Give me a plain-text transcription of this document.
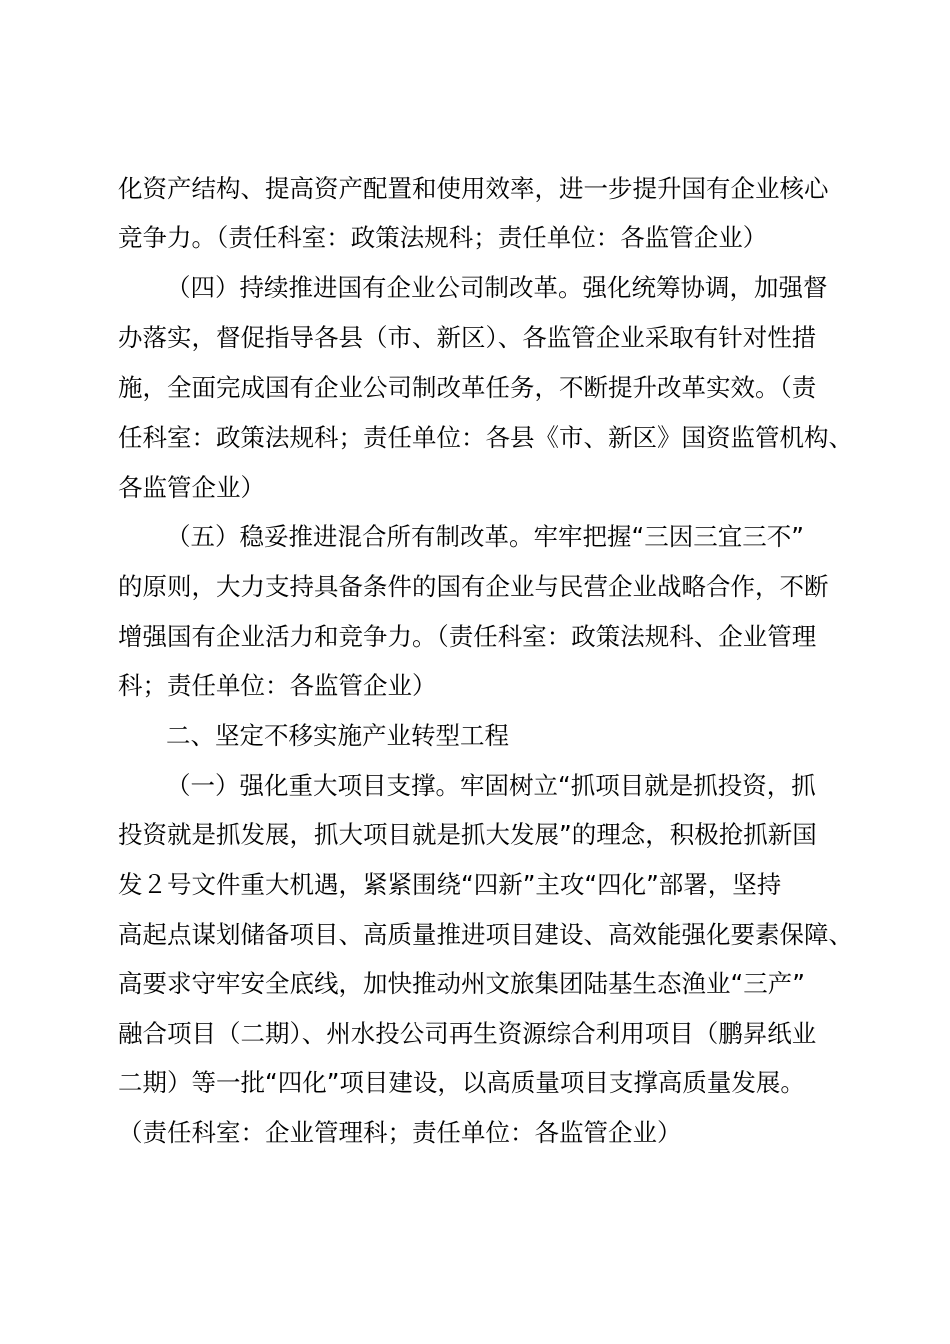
化资产结构、提高资产配置和使用效率，进一步提升国有企业核心
竞争力。（责任科室：政策法规科；责任单位：各监管企业）
（四）持续推进国有企业公司制改革。强化统筹协调，加强督
办落实，督促指导各县（市、新区）、各监管企业采取有针对性措
施，全面完成国有企业公司制改革任务，不断提升改革实效。（责
任科室：政策法规科；责任单位：各县《市、新区》国资监管机构、
各监管企业）
（五）稳妥推进混合所有制改革。牢牢把握“三因三宜三不”
的原则，大力支持具备条件的国有企业与民营企业战略合作，不断
增强国有企业活力和竞争力。（责任科室：政策法规科、企业管理
科；责任单位：各监管企业）
二、坚定不移实施产业转型工程
（一）强化重大项目支撑。牢固树立“抓项目就是抓投资，抓
投资就是抓发展，抓大项目就是抓大发展”的理念，积极抢抓新国
发２号文件重大机遇，紧紧围绕“四新”主攻“四化”部署，坚持
高起点谋划储备项目、高质量推进项目建设、高效能强化要素保障、
高要求守牢安全底线，加快推动州文旅集团陆基生态渔业“三产”
融合项目（二期）、州水投公司再生资源综合利用项目（鹏昇纸业
二期）等一批“四化”项目建设，以高质量项目支撑高质量发展。
（责任科室：企业管理科；责任单位：各监管企业）
